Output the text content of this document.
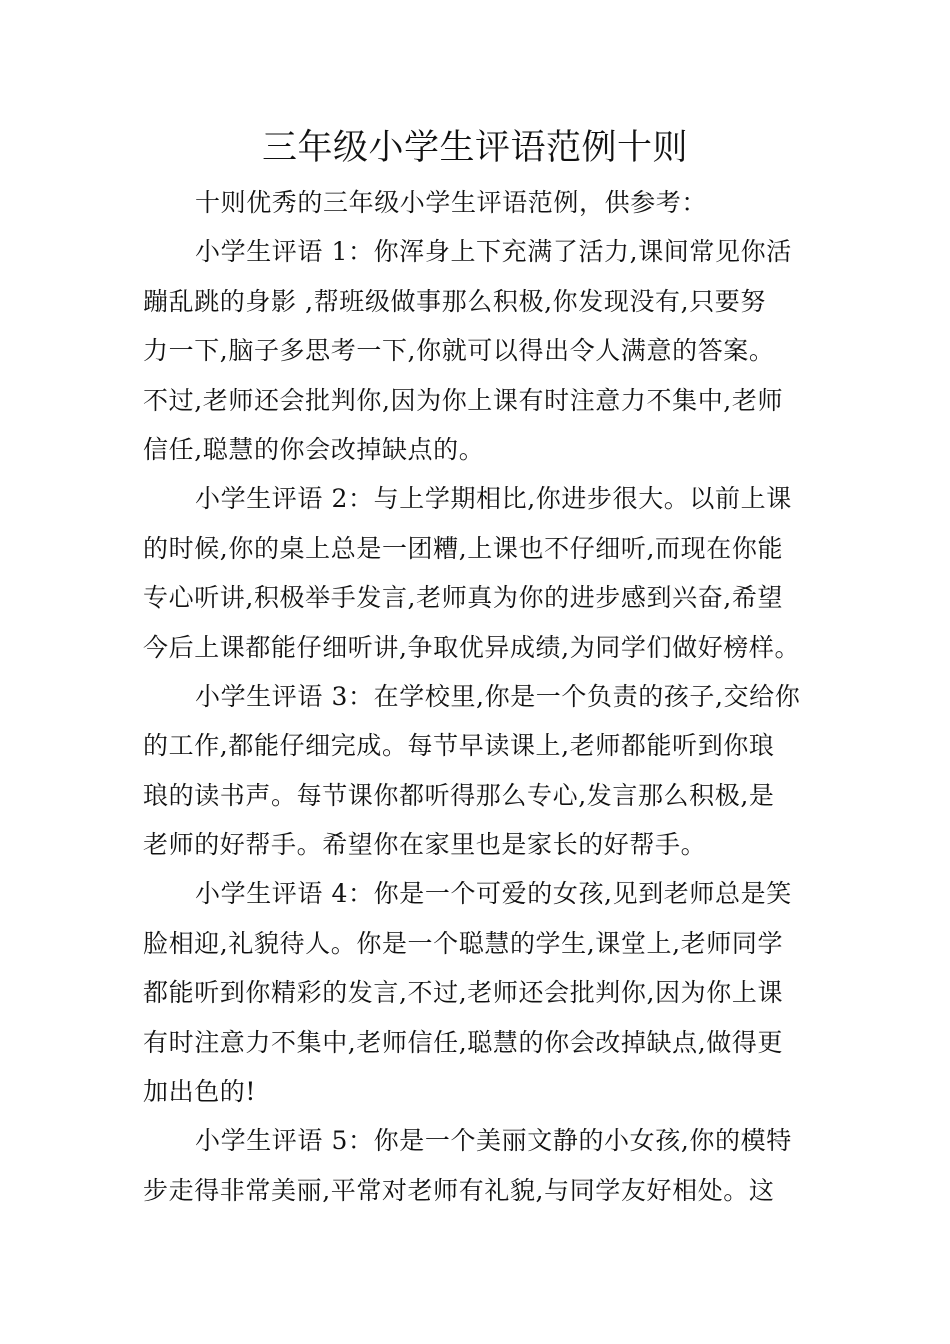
三年级小学生评语范例十则
十则优秀的三年级小学生评语范例，供参考：
小学生评语 1：你浑身上下充满了活力,课间常见你活
蹦乱跳的身影 ,帮班级做事那么积极,你发现没有,只要努
力一下,脑子多思考一下,你就可以得出令人满意的答案。
不过,老师还会批判你,因为你上课有时注意力不集中,老师
信任,聪慧的你会改掉缺点的。
小学生评语 2：与上学期相比,你进步很大。以前上课
的时候,你的桌上总是一团糟,上课也不仔细听,而现在你能
专心听讲,积极举手发言,老师真为你的进步感到兴奋,希望
今后上课都能仔细听讲,争取优异成绩,为同学们做好榜样。
小学生评语 3：在学校里,你是一个负责的孩子,交给你
的工作,都能仔细完成。每节早读课上,老师都能听到你琅
琅的读书声。每节课你都听得那么专心,发言那么积极,是
老师的好帮手。希望你在家里也是家长的好帮手。
小学生评语 4：你是一个可爱的女孩,见到老师总是笑
脸相迎,礼貌待人。你是一个聪慧的学生,课堂上,老师同学
都能听到你精彩的发言,不过,老师还会批判你,因为你上课
有时注意力不集中,老师信任,聪慧的你会改掉缺点,做得更
加出色的!
小学生评语 5：你是一个美丽文静的小女孩,你的模特
步走得非常美丽,平常对老师有礼貌,与同学友好相处。这
